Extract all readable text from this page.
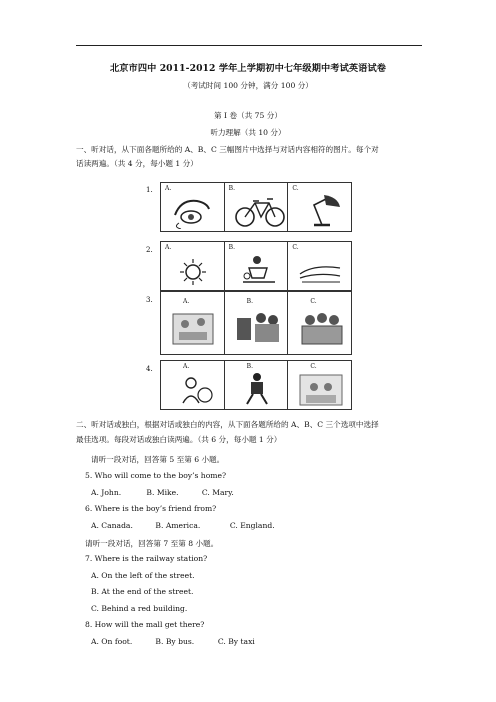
北京市四中 2011-2012 学年上学期初中七年级期中考试英语试卷
（考试时间 100 分钟，满分 100 分）
第 I 卷（共 75 分）
听力理解（共 10 分）
一、听对话，从下面各题所给的 A、B、C 三幅图片中选择与对话内容相符的图片。每个对
话读两遍。（共 4 分，每小题 1 分）
1. A.	B.	C.
2. A.	B.	C.
3.	A.	B.	C.
4.	A.	B.	C.
二、听对话或独白，根据对话或独白的内容，从下面各题所给的 A、B、C 三个选项中选择
最佳选项。每段对话或独白读两遍。（共 6 分，每小题 1 分）
请听一段对话，回答第 5 至第 6 小题。
5. Who will come to the boy’s home?
A. John.	B. Mike.	C. Mary.
6. Where is the boy’s friend from?
A. Canada.	B. America.	C. England.
请听一段对话，回答第 7 至第 8 小题。
7. Where is the railway station?
A. On the left of the street.
B. At the end of the street.
C. Behind a red building.
8. How will the mall get there?
A. On foot.	B. By bus.	C. By taxi
